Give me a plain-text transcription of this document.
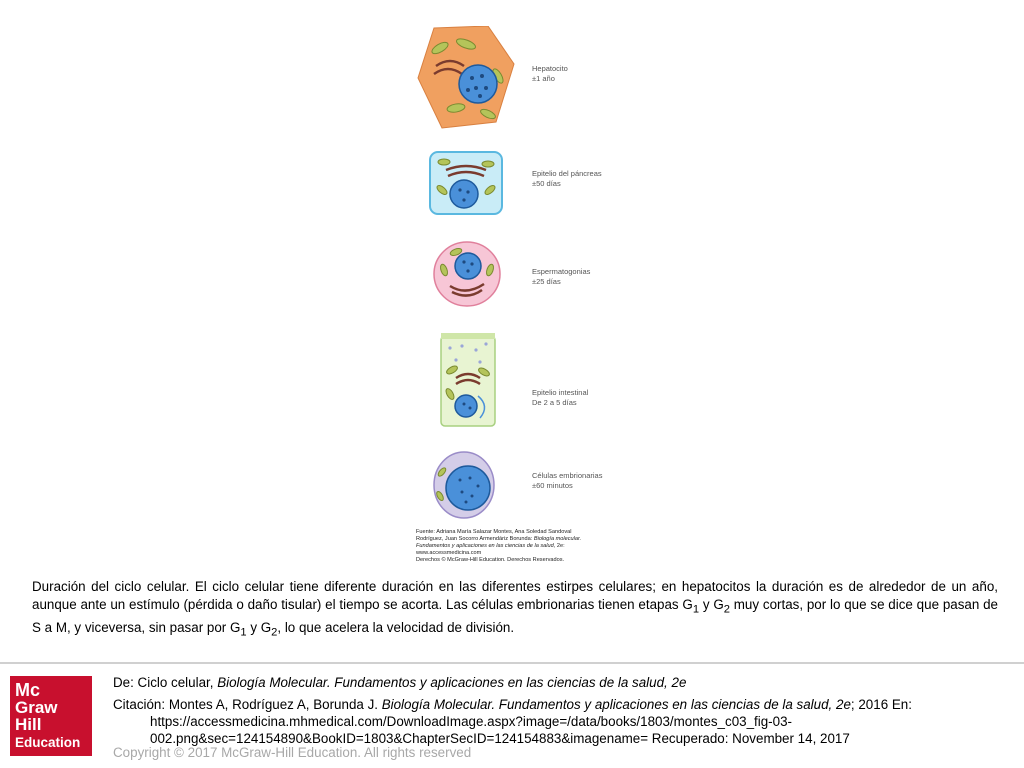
Hepatocito
±1 año
Epitelio del páncreas
±50 días
Espermatogonias
±25 días
Epitelio intestinal
De 2 a 5 días
Células embrionarias
±60 minutos
Fuente: Adriana María Salazar Montes, Ana Soledad Sandoval
Rodríguez, Juan Socorro Armendáriz Borunda: Biología molecular.
Fundamentos y aplicaciones en las ciencias de la salud, 2e:
www.accessmedicina.com
Derechos © McGraw-Hill Education. Derechos Reservados.
Duración del ciclo celular. El ciclo celular tiene diferente duración en las diferentes estirpes celulares; en hepatocitos la duración es de alrededor de un año, aunque ante un estímulo (pérdida o daño tisular) el tiempo se acorta. Las células embrionarias tienen etapas $G_1$ y $G_2$ muy cortas, por lo que se dice que pasan de S a M, y viceversa, sin pasar por $G_1$ y $G_2$, lo que acelera la velocidad de división.
Mc
Graw
Hill
Education
De: Ciclo celular, Biología Molecular. Fundamentos y aplicaciones en las ciencias de la salud, 2e
Citación: Montes A, Rodríguez A, Borunda J. Biología Molecular. Fundamentos y aplicaciones en las ciencias de la salud, 2e; 2016 En:
https://accessmedicina.mhmedical.com/DownloadImage.aspx?image=/data/books/1803/montes_c03_fig-03-
002.png&sec=124154890&BookID=1803&ChapterSecID=124154883&imagename= Recuperado: November 14, 2017
Copyright © 2017 McGraw-Hill Education. All rights reserved
